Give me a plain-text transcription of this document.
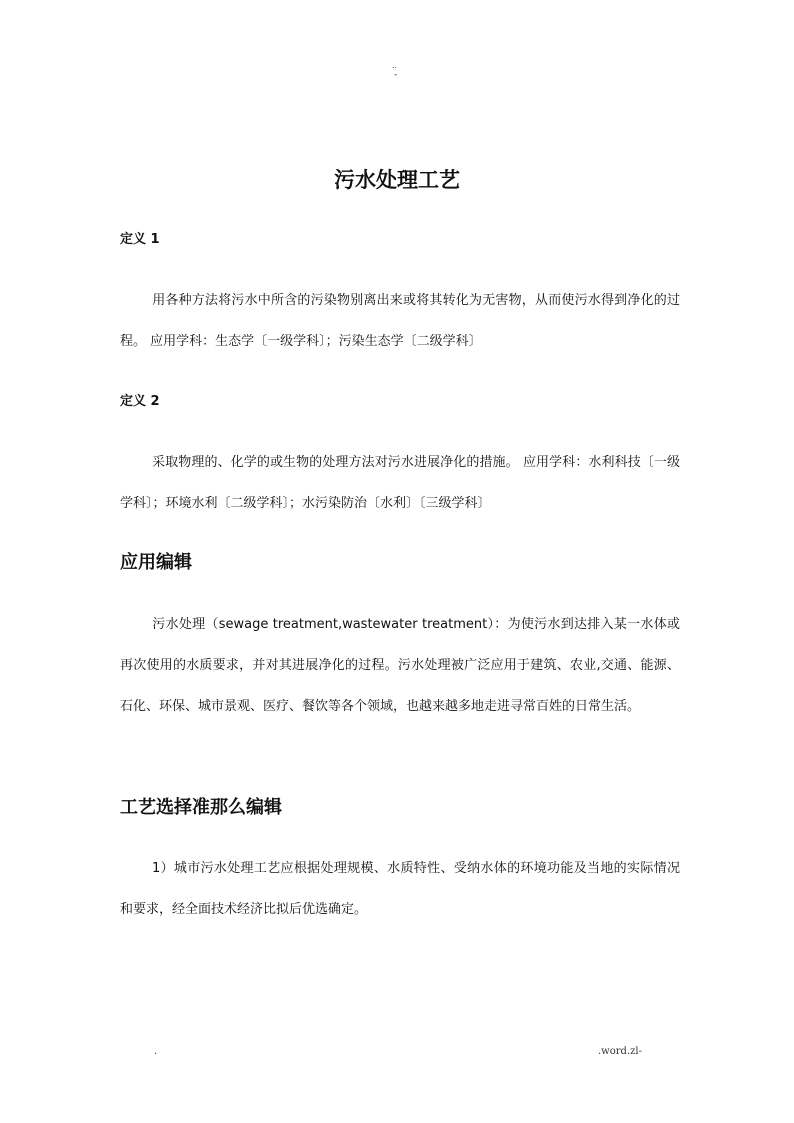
..
-
污水处理工艺
定义 1
用各种方法将污水中所含的污染物别离出来或将其转化为无害物，从而使污水得到净化的过程。 应用学科：生态学〔一级学科〕；污染生态学〔二级学科〕
定义 2
采取物理的、化学的或生物的处理方法对污水进展净化的措施。 应用学科：水利科技〔一级学科〕；环境水利〔二级学科〕；水污染防治〔水利〕〔三级学科〕
应用编辑
污水处理（sewage treatment,wastewater treatment）：为使污水到达排入某一水体或再次使用的水质要求，并对其进展净化的过程。污水处理被广泛应用于建筑、农业,交通、能源、石化、环保、城市景观、医疗、餐饮等各个领域，也越来越多地走进寻常百姓的日常生活。
工艺选择准那么编辑
1）城市污水处理工艺应根据处理规模、水质特性、受纳水体的环境功能及当地的实际情况和要求，经全面技术经济比拟后优选确定。
.	.word.zl-
